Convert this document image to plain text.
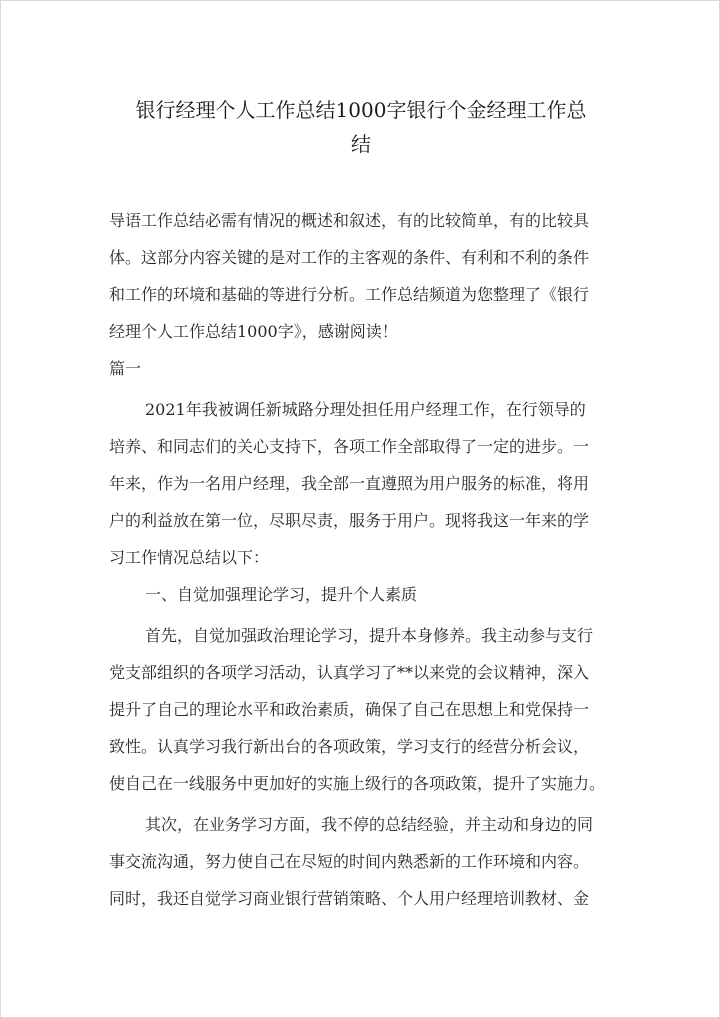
银行经理个人工作总结1000字银行个金经理工作总
结
导语工作总结必需有情况的概述和叙述，有的比较简单，有的比较具
体。这部分内容关键的是对工作的主客观的条件、有利和不利的条件
和工作的环境和基础的等进行分析。工作总结频道为您整理了《银行
经理个人工作总结1000字》，感谢阅读！
篇一
2021年我被调任新城路分理处担任用户经理工作，在行领导的
培养、和同志们的关心支持下，各项工作全部取得了一定的进步。一
年来，作为一名用户经理，我全部一直遵照为用户服务的标准，将用
户的利益放在第一位，尽职尽责，服务于用户。现将我这一年来的学
习工作情况总结以下：
一、自觉加强理论学习，提升个人素质
首先，自觉加强政治理论学习，提升本身修养。我主动参与支行
党支部组织的各项学习活动，认真学习了**以来党的会议精神，深入
提升了自己的理论水平和政治素质，确保了自己在思想上和党保持一
致性。认真学习我行新出台的各项政策，学习支行的经营分析会议，
使自己在一线服务中更加好的实施上级行的各项政策，提升了实施力。
其次，在业务学习方面，我不停的总结经验，并主动和身边的同
事交流沟通，努力使自己在尽短的时间内熟悉新的工作环境和内容。
同时，我还自觉学习商业银行营销策略、个人用户经理培训教材、金
